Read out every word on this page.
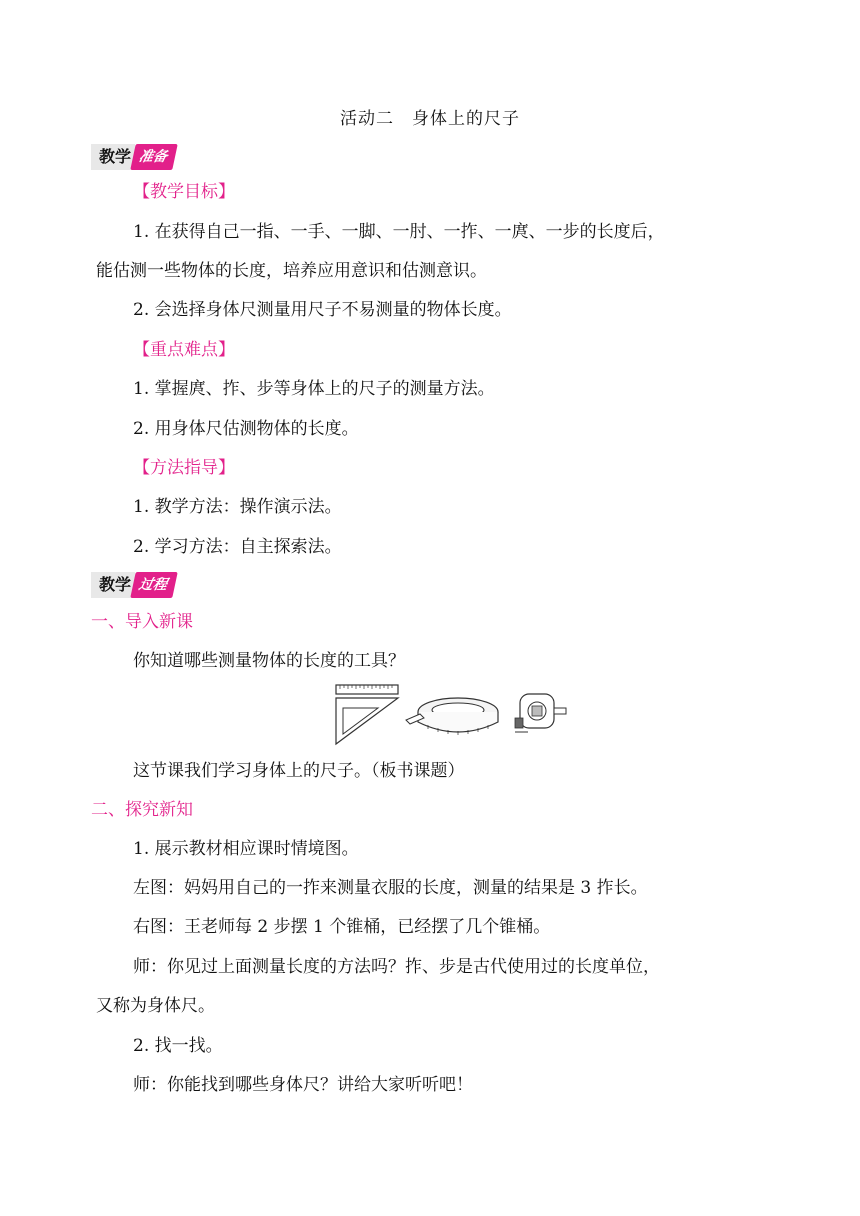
活动二　身体上的尺子
教学 准备
【教学目标】
1. 在获得自己一指、一手、一脚、一肘、一拃、一庹、一步的长度后，
能估测一些物体的长度，培养应用意识和估测意识。
2. 会选择身体尺测量用尺子不易测量的物体长度。
【重点难点】
1. 掌握庹、拃、步等身体上的尺子的测量方法。
2. 用身体尺估测物体的长度。
【方法指导】
1. 教学方法：操作演示法。
2. 学习方法：自主探索法。
教学 过程
一、导入新课
你知道哪些测量物体的长度的工具？
这节课我们学习身体上的尺子。（板书课题）
二、探究新知
1. 展示教材相应课时情境图。
左图：妈妈用自己的一拃来测量衣服的长度，测量的结果是 3 拃长。
右图：王老师每 2 步摆 1 个锥桶，已经摆了几个锥桶。
师：你见过上面测量长度的方法吗？拃、步是古代使用过的长度单位，
又称为身体尺。
2. 找一找。
师：你能找到哪些身体尺？讲给大家听听吧！
